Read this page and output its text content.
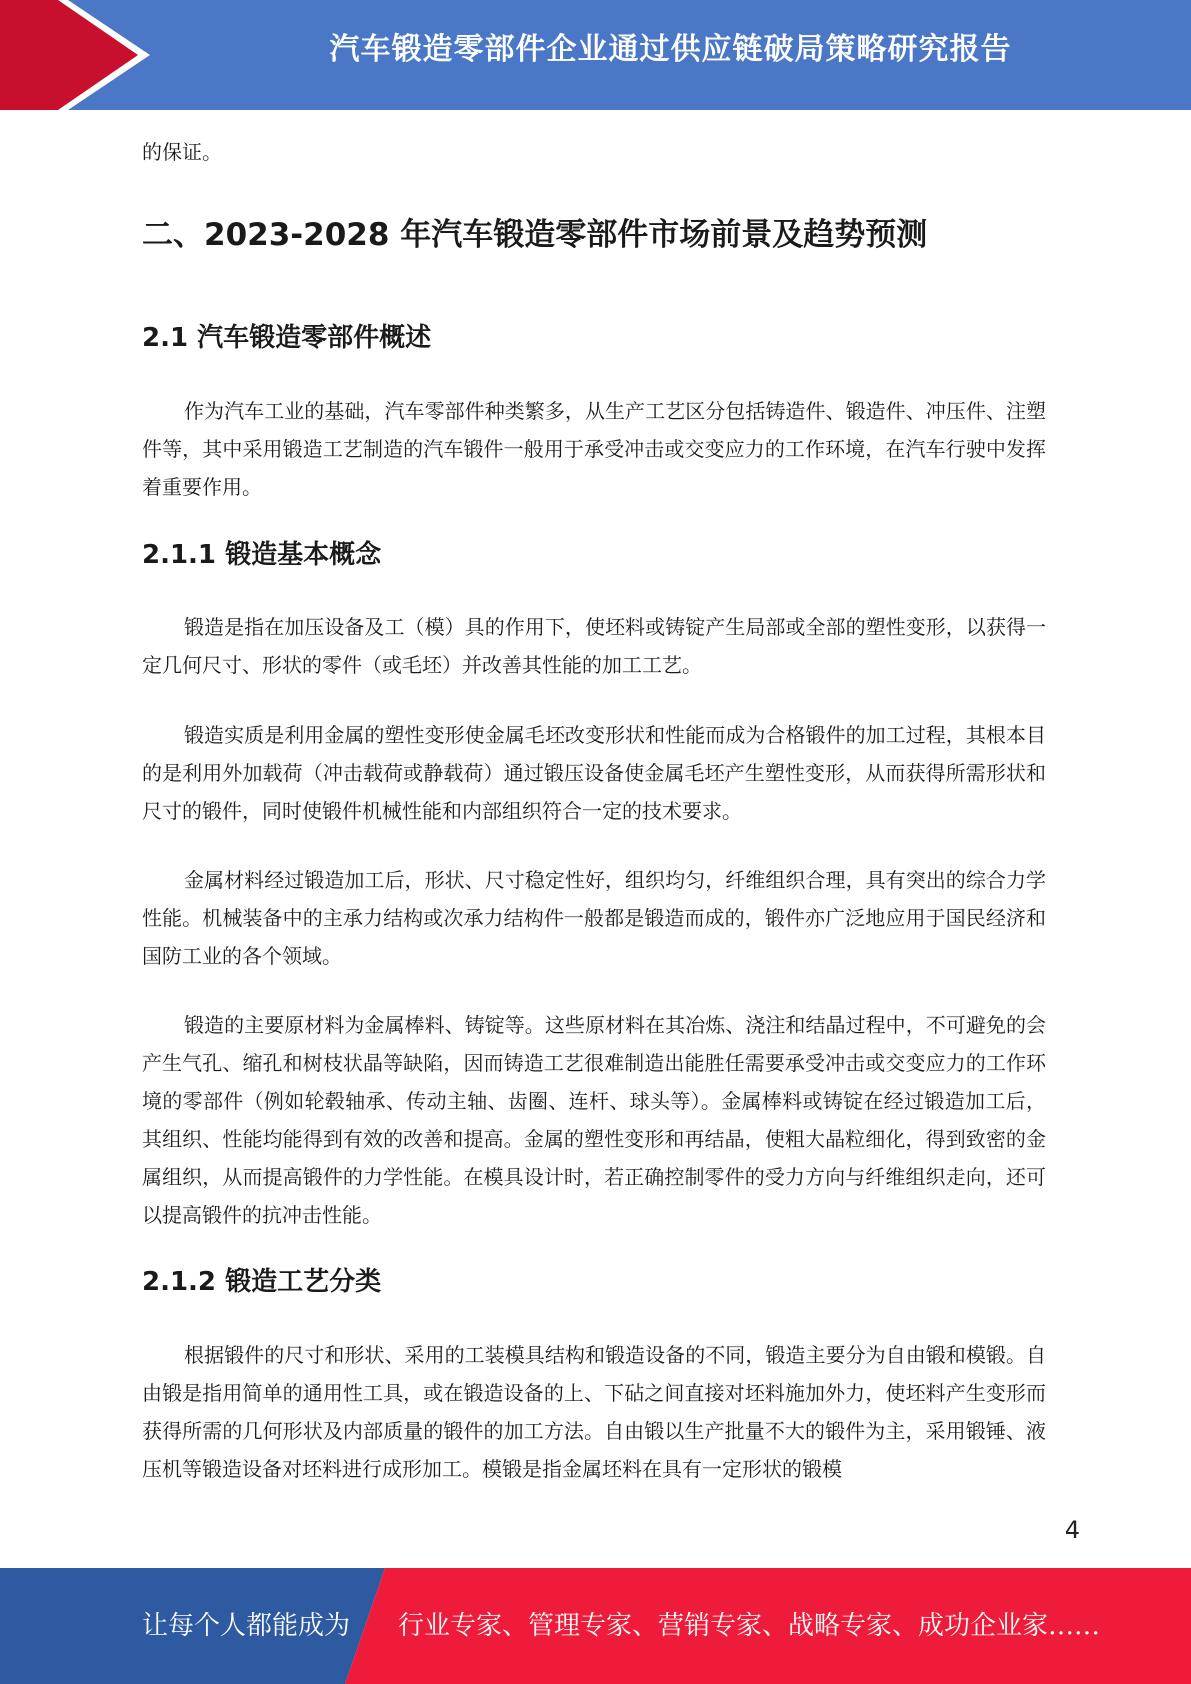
汽车锻造零部件企业通过供应链破局策略研究报告

的保证。

二、2023-2028 年汽车锻造零部件市场前景及趋势预测
2.1 汽车锻造零部件概述

作为汽车工业的基础，汽车零部件种类繁多，从生产工艺区分包括铸造件、锻造件、冲压件、注塑件等，其中采用锻造工艺制造的汽车锻件一般用于承受冲击或交变应力的工作环境，在汽车行驶中发挥着重要作用。

2.1.1 锻造基本概念

锻造是指在加压设备及工（模）具的作用下，使坯料或铸锭产生局部或全部的塑性变形，以获得一定几何尺寸、形状的零件（或毛坯）并改善其性能的加工工艺。

锻造实质是利用金属的塑性变形使金属毛坯改变形状和性能而成为合格锻件的加工过程，其根本目的是利用外加载荷（冲击载荷或静载荷）通过锻压设备使金属毛坯产生塑性变形，从而获得所需形状和尺寸的锻件，同时使锻件机械性能和内部组织符合一定的技术要求。

金属材料经过锻造加工后，形状、尺寸稳定性好，组织均匀，纤维组织合理，具有突出的综合力学性能。机械装备中的主承力结构或次承力结构件一般都是锻造而成的，锻件亦广泛地应用于国民经济和国防工业的各个领域。

锻造的主要原材料为金属棒料、铸锭等。这些原材料在其冶炼、浇注和结晶过程中，不可避免的会产生气孔、缩孔和树枝状晶等缺陷，因而铸造工艺很难制造出能胜任需要承受冲击或交变应力的工作环境的零部件（例如轮毂轴承、传动主轴、齿圈、连杆、球头等）。金属棒料或铸锭在经过锻造加工后，其组织、性能均能得到有效的改善和提高。金属的塑性变形和再结晶，使粗大晶粒细化，得到致密的金属组织，从而提高锻件的力学性能。在模具设计时，若正确控制零件的受力方向与纤维组织走向，还可以提高锻件的抗冲击性能。

2.1.2 锻造工艺分类

根据锻件的尺寸和形状、采用的工装模具结构和锻造设备的不同，锻造主要分为自由锻和模锻。自由锻是指用简单的通用性工具，或在锻造设备的上、下砧之间直接对坯料施加外力，使坯料产生变形而获得所需的几何形状及内部质量的锻件的加工方法。自由锻以生产批量不大的锻件为主，采用锻锤、液压机等锻造设备对坯料进行成形加工。模锻是指金属坯料在具有一定形状的锻模

4
让每个人都能成为 行业专家、管理专家、营销专家、战略专家、成功企业家……
